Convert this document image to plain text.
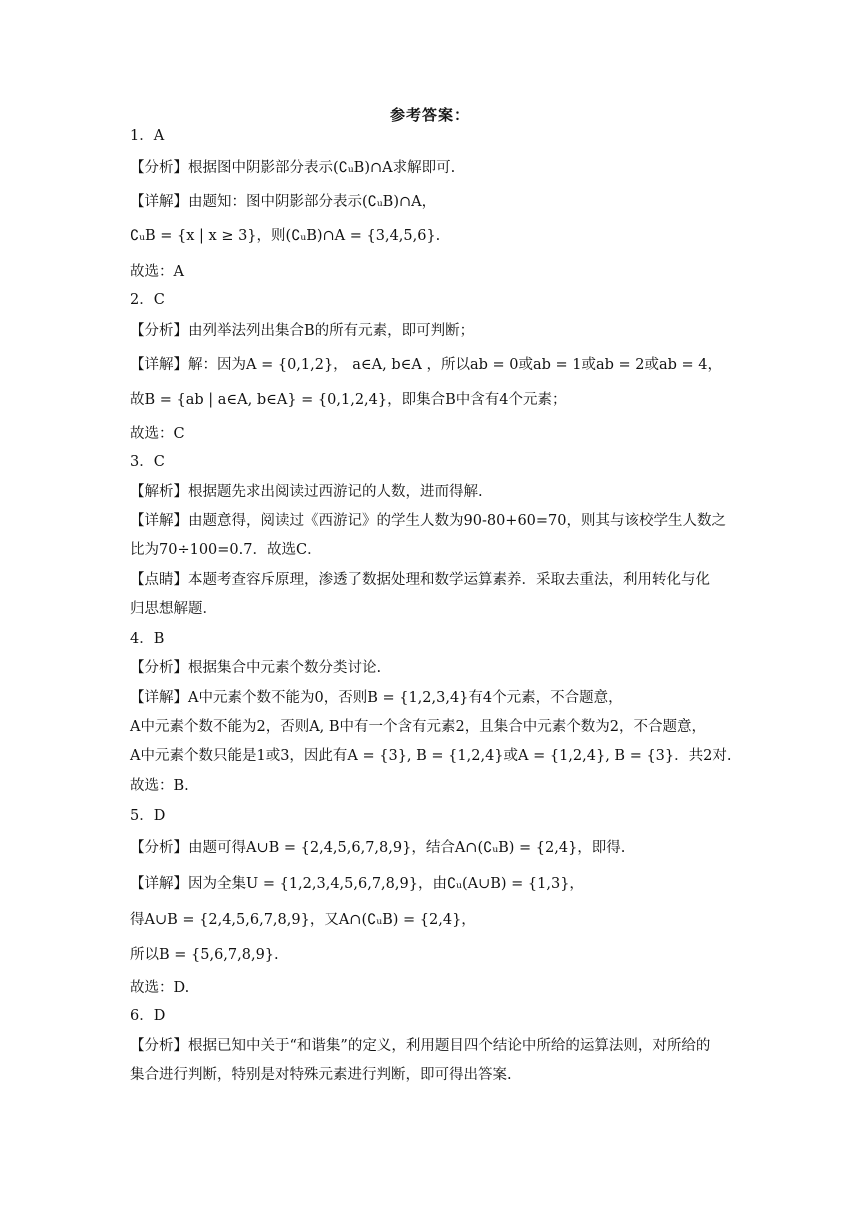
参考答案：
1．A
【分析】根据图中阴影部分表示(∁ᵤB)∩A求解即可.
【详解】由题知：图中阴影部分表示(∁ᵤB)∩A，
∁ᵤB = {x | x ≥ 3}，则(∁ᵤB)∩A = {3,4,5,6}.
故选：A
2．C
【分析】由列举法列出集合B的所有元素，即可判断；
【详解】解：因为A = {0,1,2}， a∈A, b∈A ，所以ab = 0或ab = 1或ab = 2或ab = 4，
故B = {ab | a∈A, b∈A} = {0,1,2,4}，即集合B中含有4个元素；
故选：C
3．C
【解析】根据题先求出阅读过西游记的人数，进而得解.
【详解】由题意得，阅读过《西游记》的学生人数为90-80+60=70，则其与该校学生人数之
比为70÷100=0.7．故选C．
【点睛】本题考查容斥原理，渗透了数据处理和数学运算素养．采取去重法，利用转化与化
归思想解题．
4．B
【分析】根据集合中元素个数分类讨论.
【详解】A中元素个数不能为0，否则B = {1,2,3,4}有4个元素，不合题意，
A中元素个数不能为2，否则A, B中有一个含有元素2，且集合中元素个数为2，不合题意，
A中元素个数只能是1或3，因此有A = {3}, B = {1,2,4}或A = {1,2,4}, B = {3}．共2对.
故选：B.
5．D
【分析】由题可得A∪B = {2,4,5,6,7,8,9}，结合A∩(∁ᵤB) = {2,4}，即得.
【详解】因为全集U = {1,2,3,4,5,6,7,8,9}，由∁ᵤ(A∪B) = {1,3}，
得A∪B = {2,4,5,6,7,8,9}，又A∩(∁ᵤB) = {2,4}，
所以B = {5,6,7,8,9}.
故选：D.
6．D
【分析】根据已知中关于“和谐集”的定义，利用题目四个结论中所给的运算法则，对所给的
集合进行判断，特别是对特殊元素进行判断，即可得出答案.
